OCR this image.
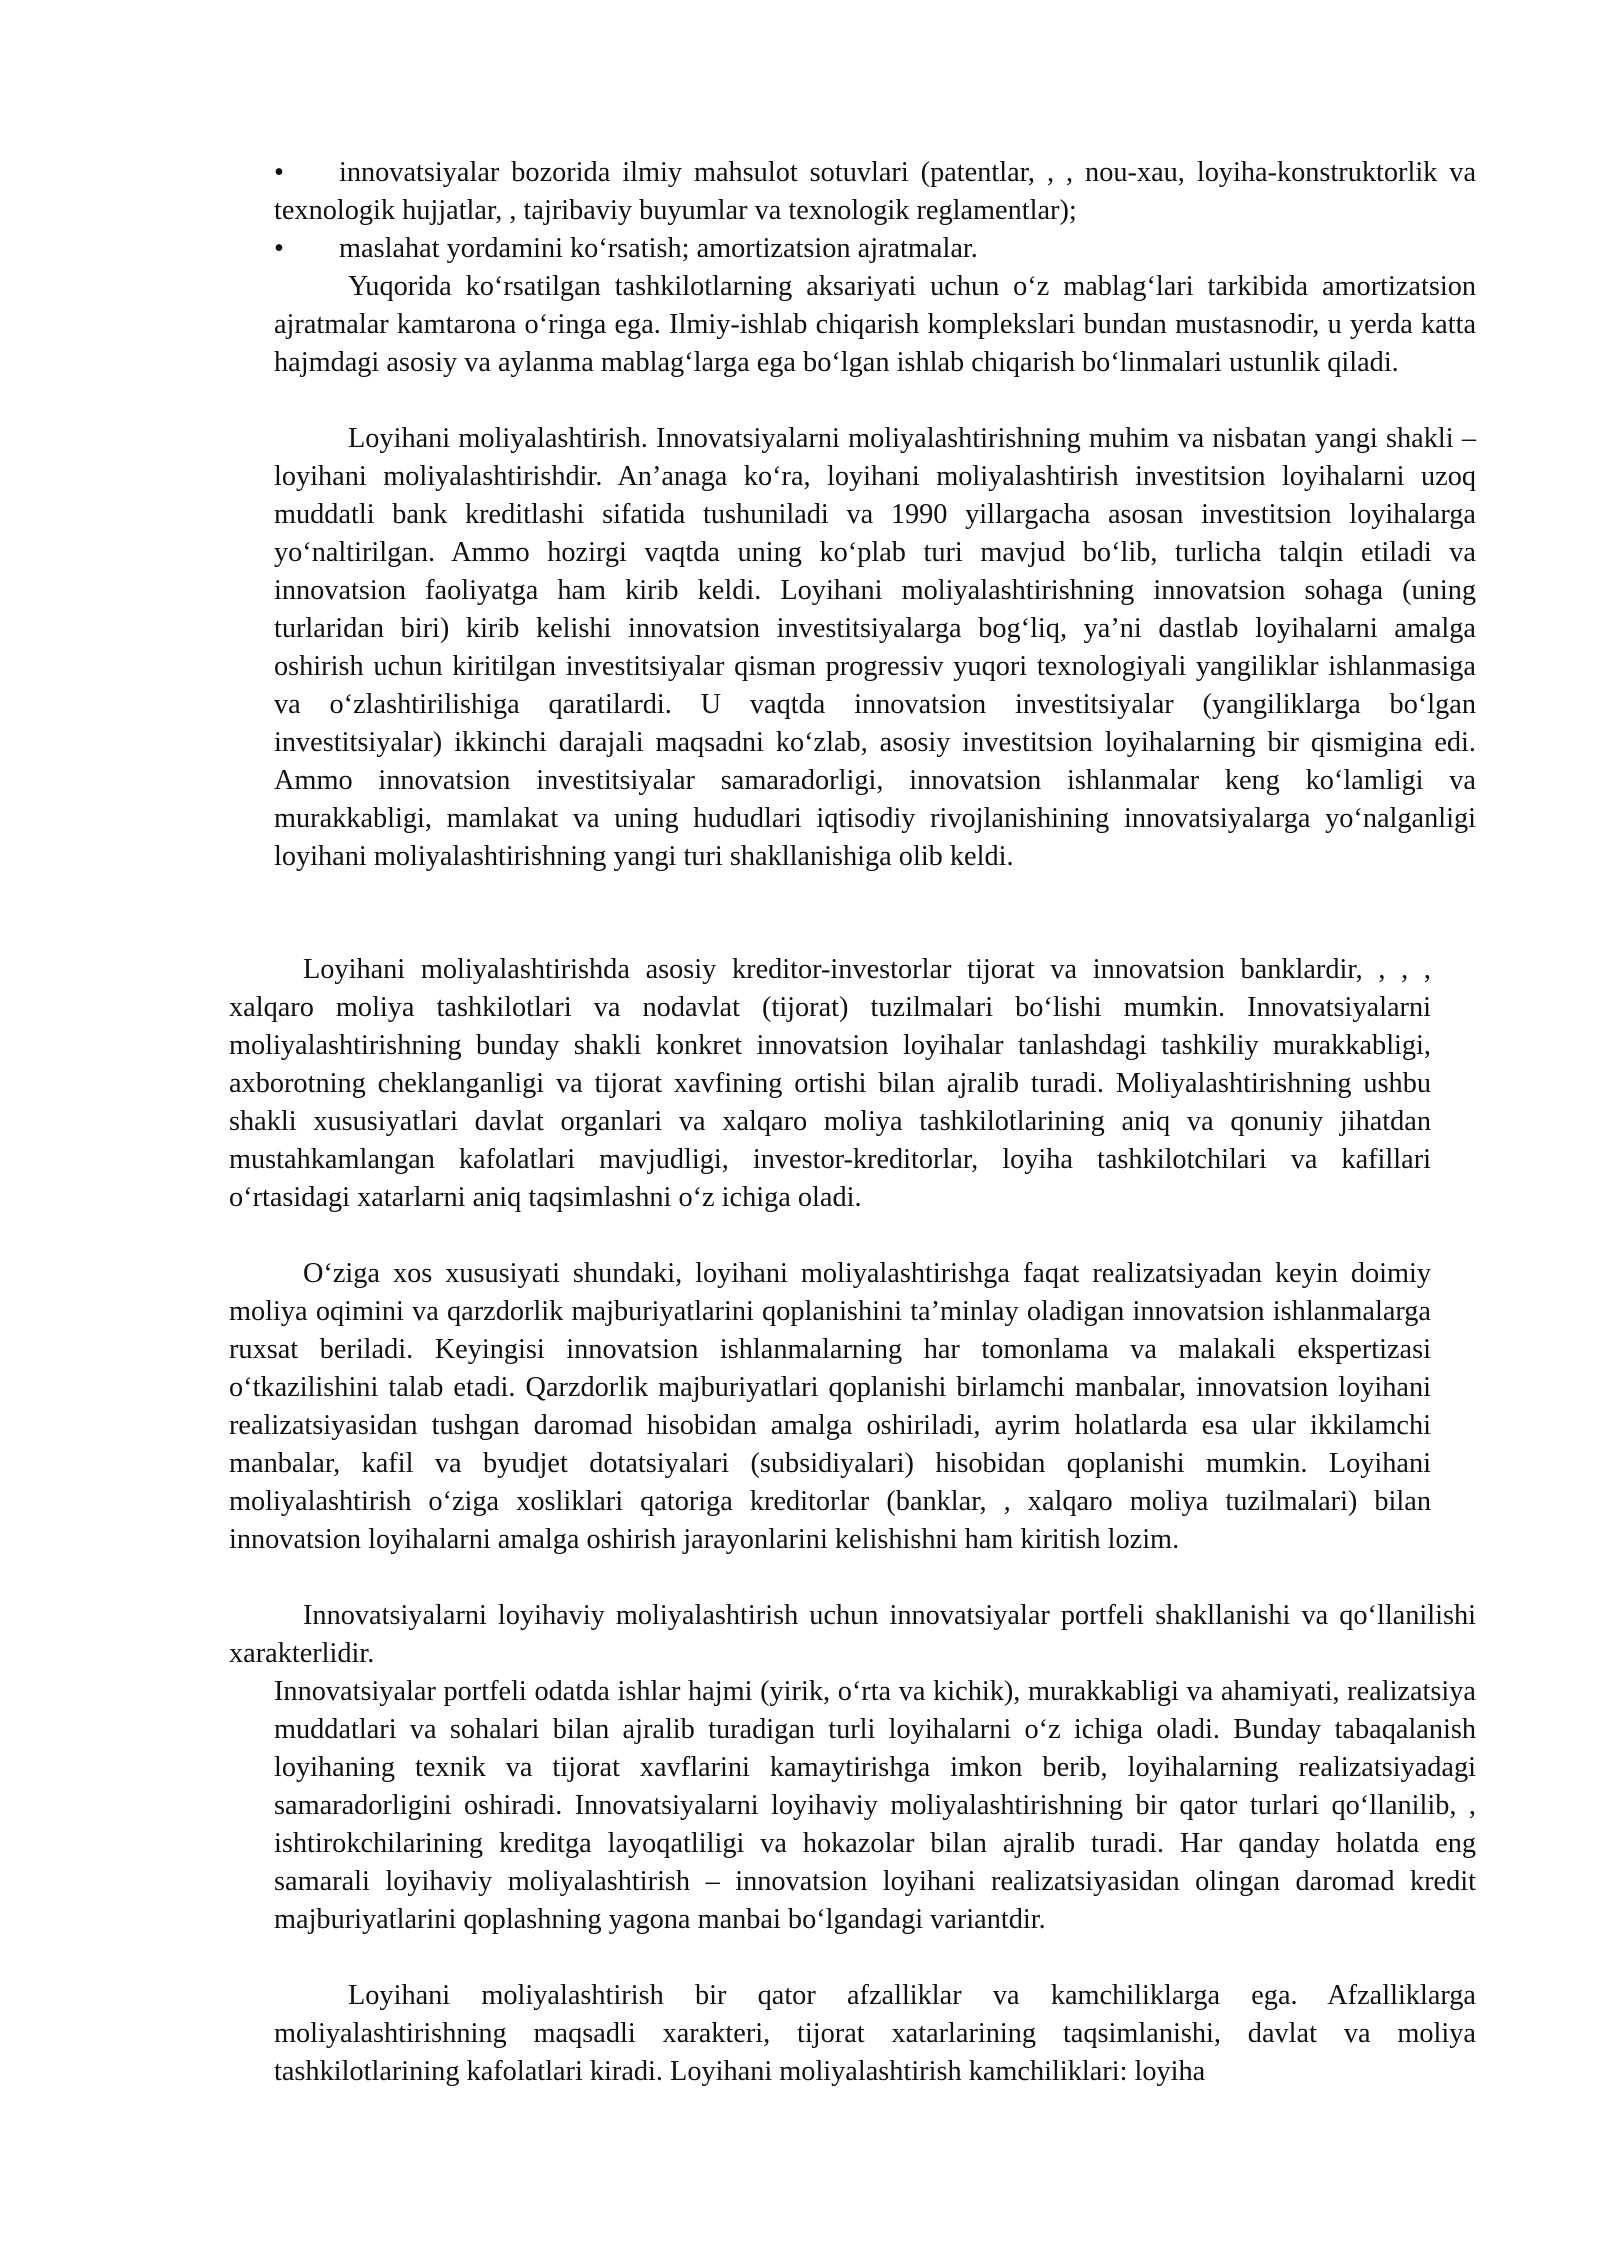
• innovatsiyalar bozorida ilmiy mahsulot sotuvlari (patentlar, , , nou-xau, loyiha-konstruktorlik va texnologik hujjatlar, , tajribaviy buyumlar va texnologik reglamentlar);

• maslahat yordamini ko‘rsatish; amortizatsion ajratmalar.

Yuqorida ko‘rsatilgan tashkilotlarning aksariyati uchun o‘z mablag‘lari tarkibida amortizatsion ajratmalar kamtarona o‘ringa ega. Ilmiy-ishlab chiqarish komplekslari bundan mustasnodir, u yerda katta hajmdagi asosiy va aylanma mablag‘larga ega bo‘lgan ishlab chiqarish bo‘linmalari ustunlik qiladi.

Loyihani moliyalashtirish. Innovatsiyalarni moliyalashtirishning muhim va nisbatan yangi shakli – loyihani moliyalashtirishdir. An’anaga ko‘ra, loyihani moliyalashtirish investitsion loyihalarni uzoq muddatli bank kreditlashi sifatida tushuniladi va 1990 yillargacha asosan investitsion loyihalarga yo‘naltirilgan. Ammo hozirgi vaqtda uning ko‘plab turi mavjud bo‘lib, turlicha talqin etiladi va innovatsion faoliyatga ham kirib keldi. Loyihani moliyalashtirishning innovatsion sohaga (uning turlaridan biri) kirib kelishi innovatsion investitsiyalarga bog‘liq, ya’ni dastlab loyihalarni amalga oshirish uchun kiritilgan investitsiyalar qisman progressiv yuqori texnologiyali yangiliklar ishlanmasiga va o‘zlashtirilishiga qaratilardi. U vaqtda innovatsion investitsiyalar (yangiliklarga bo‘lgan investitsiyalar) ikkinchi darajali maqsadni ko‘zlab, asosiy investitsion loyihalarning bir qismigina edi. Ammo innovatsion investitsiyalar samaradorligi, innovatsion ishlanmalar keng ko‘lamligi va murakkabligi, mamlakat va uning hududlari iqtisodiy rivojlanishining innovatsiyalarga yo‘nalganligi loyihani moliyalashtirishning yangi turi shakllanishiga olib keldi.

Loyihani moliyalashtirishda asosiy kreditor-investorlar tijorat va innovatsion banklardir, , , , xalqaro moliya tashkilotlari va nodavlat (tijorat) tuzilmalari bo‘lishi mumkin. Innovatsiyalarni moliyalashtirishning bunday shakli konkret innovatsion loyihalar tanlashdagi tashkiliy murakkabligi, axborotning cheklanganligi va tijorat xavfining ortishi bilan ajralib turadi. Moliyalashtirishning ushbu shakli xususiyatlari davlat organlari va xalqaro moliya tashkilotlarining aniq va qonuniy jihatdan mustahkamlangan kafolatlari mavjudligi, investor-kreditorlar, loyiha tashkilotchilari va kafillari o‘rtasidagi xatarlarni aniq taqsimlashni o‘z ichiga oladi.

O‘ziga xos xususiyati shundaki, loyihani moliyalashtirishga faqat realizatsiyadan keyin doimiy moliya oqimini va qarzdorlik majburiyatlarini qoplanishini ta’minlay oladigan innovatsion ishlanmalarga ruxsat beriladi. Keyingisi innovatsion ishlanmalarning har tomonlama va malakali ekspertizasi o‘tkazilishini talab etadi. Qarzdorlik majburiyatlari qoplanishi birlamchi manbalar, innovatsion loyihani realizatsiyasidan tushgan daromad hisobidan amalga oshiriladi, ayrim holatlarda esa ular ikkilamchi manbalar, kafil va byudjet dotatsiyalari (subsidiyalari) hisobidan qoplanishi mumkin. Loyihani moliyalashtirish o‘ziga xosliklari qatoriga kreditorlar (banklar, , xalqaro moliya tuzilmalari) bilan innovatsion loyihalarni amalga oshirish jarayonlarini kelishishni ham kiritish lozim.

Innovatsiyalarni loyihaviy moliyalashtirish uchun innovatsiyalar portfeli shakllanishi va qo‘llanilishi xarakterlidir.

Innovatsiyalar portfeli odatda ishlar hajmi (yirik, o‘rta va kichik), murakkabligi va ahamiyati, realizatsiya muddatlari va sohalari bilan ajralib turadigan turli loyihalarni o‘z ichiga oladi. Bunday tabaqalanish loyihaning texnik va tijorat xavflarini kamaytirishga imkon berib, loyihalarning realizatsiyadagi samaradorligini oshiradi. Innovatsiyalarni loyihaviy moliyalashtirishning bir qator turlari qo‘llanilib, , ishtirokchilarining kreditga layoqatliligi va hokazolar bilan ajralib turadi. Har qanday holatda eng samarali loyihaviy moliyalashtirish – innovatsion loyihani realizatsiyasidan olingan daromad kredit majburiyatlarini qoplashning yagona manbai bo‘lgandagi variantdir.

Loyihani moliyalashtirish bir qator afzalliklar va kamchiliklarga ega. Afzalliklarga moliyalashtirishning maqsadli xarakteri, tijorat xatarlarining taqsimlanishi, davlat va moliya tashkilotlarining kafolatlari kiradi. Loyihani moliyalashtirish kamchiliklari: loyiha
